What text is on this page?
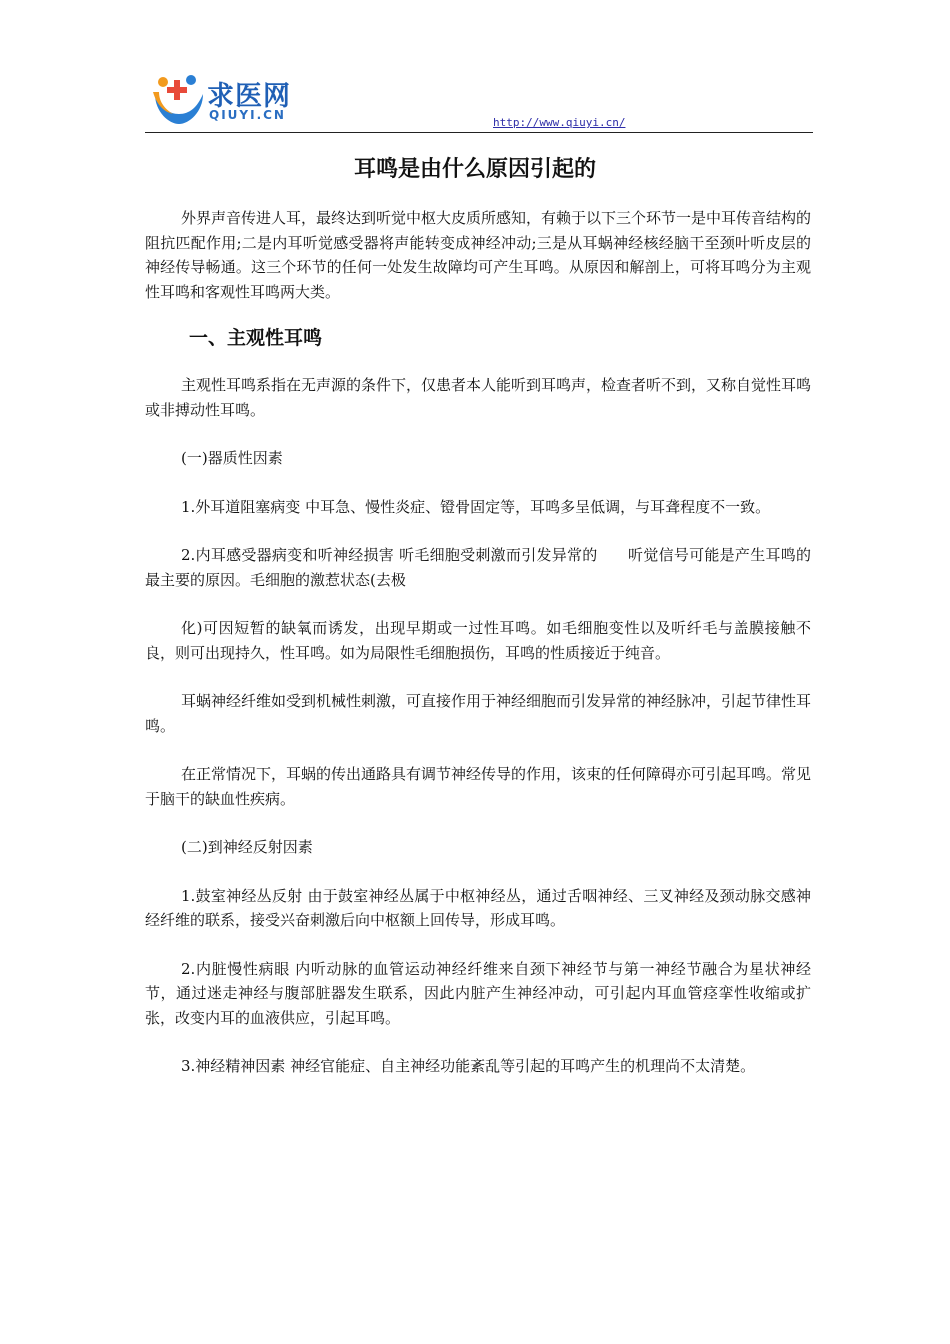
求医网
QIUYI.CN
http://www.qiuyi.cn/
耳鸣是由什么原因引起的

外界声音传进人耳，最终达到听觉中枢大皮质所感知，有赖于以下三个环节一是中耳传音结构的阻抗匹配作用;二是内耳听觉感受器将声能转变成神经冲动;三是从耳蜗神经核经脑干至颈叶听皮层的神经传导畅通。这三个环节的任何一处发生故障均可产生耳鸣。从原因和解剖上，可将耳鸣分为主观性耳鸣和客观性耳鸣两大类。

一、主观性耳鸣

主观性耳鸣系指在无声源的条件下，仅患者本人能听到耳鸣声，检查者听不到，又称自觉性耳鸣或非搏动性耳鸣。

(一)器质性因素

1.外耳道阻塞病变 中耳急、慢性炎症、镫骨固定等，耳鸣多呈低调，与耳聋程度不一致。

2.内耳感受器病变和听神经损害 听毛细胞受刺激而引发异常的　　听觉信号可能是产生耳鸣的最主要的原因。毛细胞的激惹状态(去极

化)可因短暂的缺氧而诱发，出现早期或一过性耳鸣。如毛细胞变性以及听纤毛与盖膜接触不良，则可出现持久，性耳鸣。如为局限性毛细胞损伤，耳鸣的性质接近于纯音。

耳蜗神经纤维如受到机械性刺激，可直接作用于神经细胞而引发异常的神经脉冲，引起节律性耳鸣。

在正常情况下，耳蜗的传出通路具有调节神经传导的作用，该束的任何障碍亦可引起耳鸣。常见于脑干的缺血性疾病。

(二)到神经反射因素

1.鼓室神经丛反射 由于鼓室神经丛属于中枢神经丛，通过舌咽神经、三叉神经及颈动脉交感神经纤维的联系，接受兴奋刺激后向中枢额上回传导，形成耳鸣。

2.内脏慢性病眼 内听动脉的血管运动神经纤维来自颈下神经节与第一神经节融合为星状神经节，通过迷走神经与腹部脏器发生联系，因此内脏产生神经冲动，可引起内耳血管痉挛性收缩或扩张，改变内耳的血液供应，引起耳鸣。

3.神经精神因素 神经官能症、自主神经功能紊乱等引起的耳鸣产生的机理尚不太清楚。
